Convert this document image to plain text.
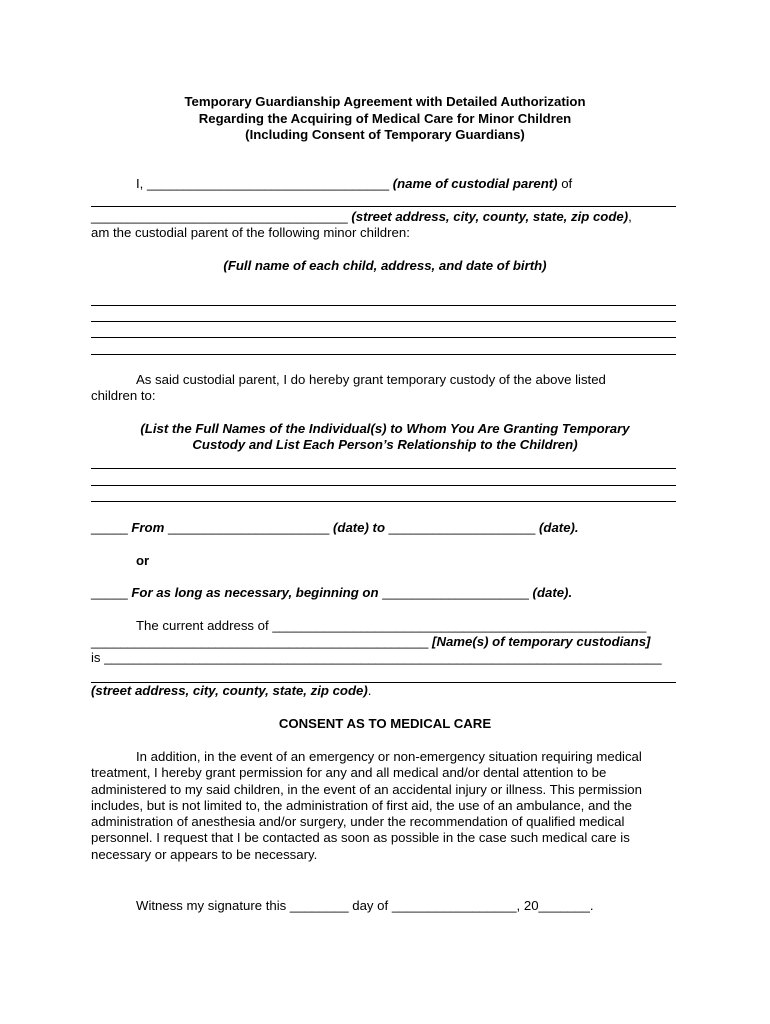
Temporary Guardianship Agreement with Detailed Authorization
Regarding the Acquiring of Medical Care for Minor Children
(Including Consent of Temporary Guardians)
I, _________________________________ (name of custodial parent) of
___________________________________ (street address, city, county, state, zip code),
am the custodial parent of the following minor children:
(Full name of each child, address, and date of birth)
As said custodial parent, I do hereby grant temporary custody of the above listed
children to:
(List the Full Names of the Individual(s) to Whom You Are Granting Temporary
Custody and List Each Person’s Relationship to the Children)
_____ From ______________________ (date) to ____________________ (date).
or
_____ For as long as necessary, beginning on ____________________ (date).
The current address of ___________________________________________________
______________________________________________ [Name(s) of temporary custodians]
is ____________________________________________________________________________
(street address, city, county, state, zip code).
CONSENT AS TO MEDICAL CARE
In addition, in the event of an emergency or non-emergency situation requiring medical
treatment, I hereby grant permission for any and all medical and/or dental attention to be
administered to my said children, in the event of an accidental injury or illness. This permission
includes, but is not limited to, the administration of first aid, the use of an ambulance, and the
administration of anesthesia and/or surgery, under the recommendation of qualified medical
personnel. I request that I be contacted as soon as possible in the case such medical care is
necessary or appears to be necessary.
Witness my signature this ________ day of _________________, 20_______.
